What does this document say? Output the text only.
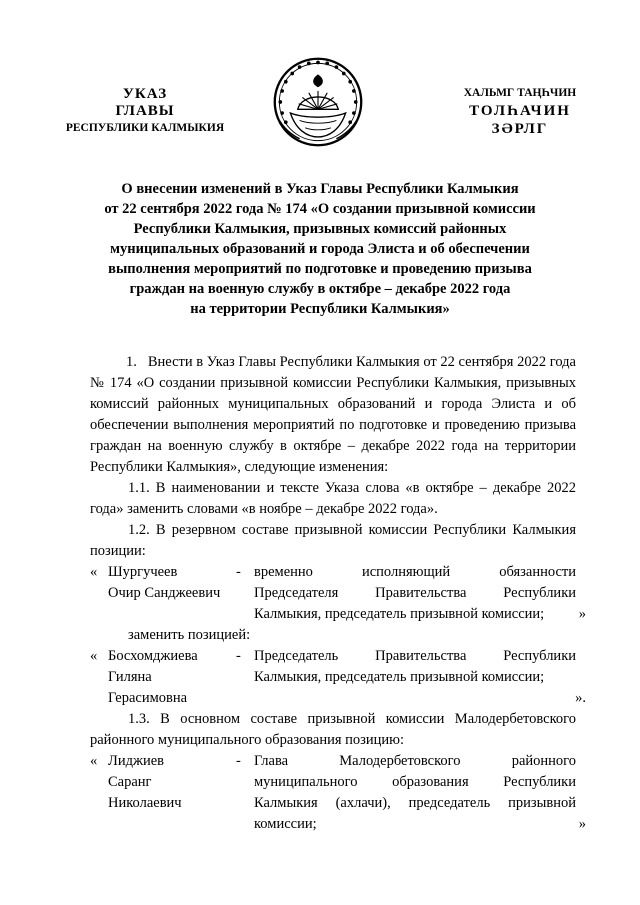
УКАЗ
ГЛАВЫ
РЕСПУБЛИКИ КАЛМЫКИЯ
ХАЛЬМГ ТАҢҺЧИН
ТОЛҺАЧИН
ЗӘРЛГ
О внесении изменений в Указ Главы Республики Калмыкия
от 22 сентября 2022 года № 174 «О создании призывной комиссии
Республики Калмыкия, призывных комиссий районных
муниципальных образований и города Элиста и об обеспечении
выполнения мероприятий по подготовке и проведению призыва
граждан на военную службу в октябре – декабре 2022 года
на территории Республики Калмыкия»
1.   Внести в Указ Главы Республики Калмыкия от 22 сентября 2022 года № 174 «О создании призывной комиссии Республики Калмыкия, призывных комиссий районных муниципальных образований и города Элиста и об обеспечении выполнения мероприятий по подготовке и проведению призыва граждан на военную службу в октябре – декабре 2022 года на территории Республики Калмыкия», следующие изменения:
1.1. В наименовании и тексте Указа слова «в октябре – декабре 2022 года» заменить словами «в ноябре – декабре 2022 года».
1.2. В резервном составе призывной комиссии Республики Калмыкия позиции:
« Шургучеев
Очир Санджеевич
- временно исполняющий обязанности
Председателя Правительства Республики
Калмыкия, председатель призывной комиссии;	»
заменить позицией:
« Босхомджиева
Гиляна
Герасимовна
- Председатель Правительства Республики
Калмыкия, председатель призывной комиссии;
».
1.3. В основном составе призывной комиссии Малодербетовского районного муниципального образования позицию:
« Лиджиев
Саранг
Николаевич
- Глава Малодербетовского районного
муниципального образования Республики
Калмыкия (ахлачи), председатель призывной
комиссии;	»
